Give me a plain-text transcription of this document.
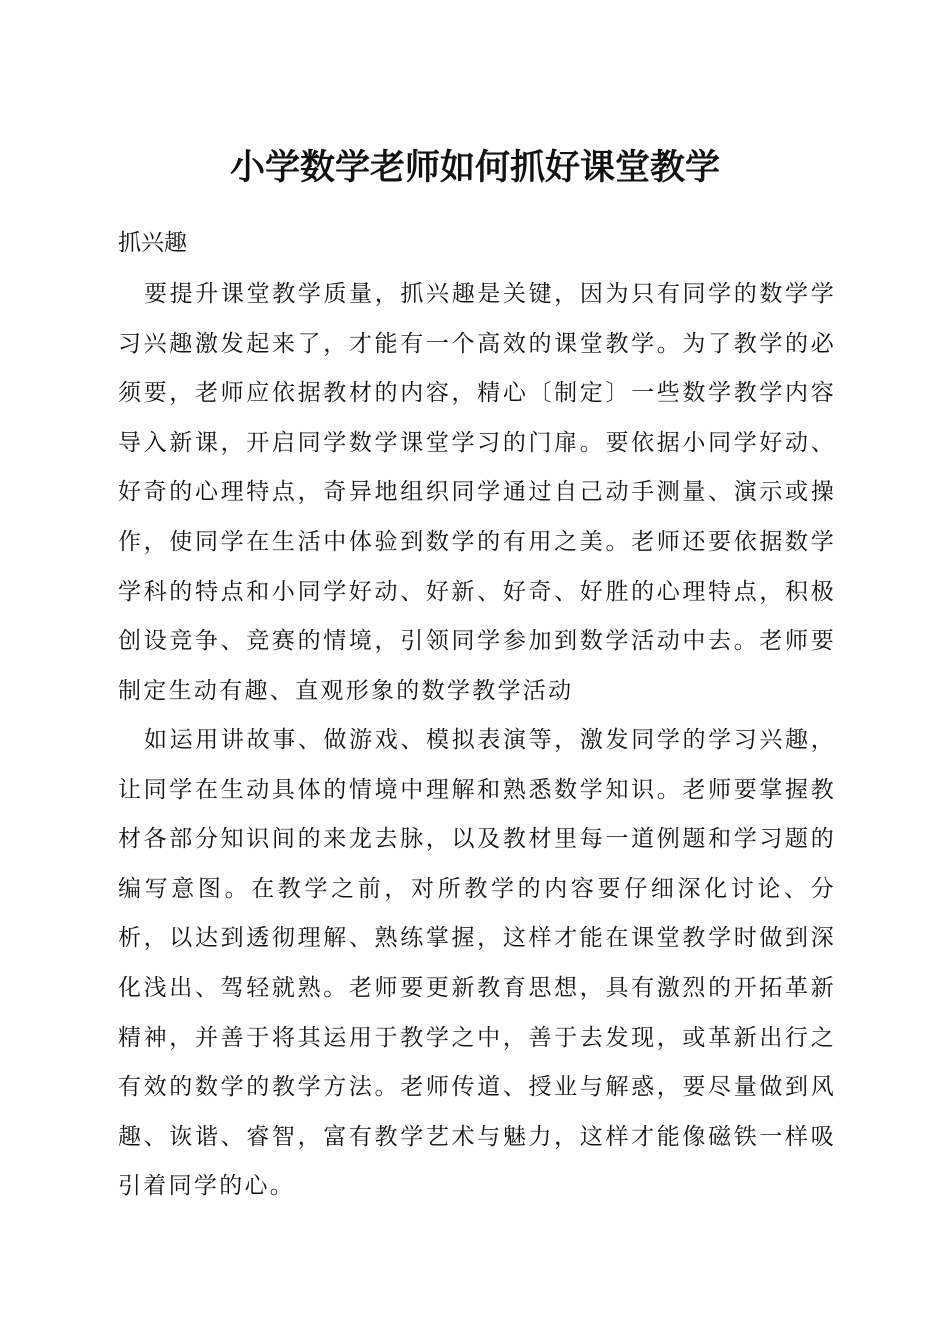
小学数学老师如何抓好课堂教学

抓兴趣

要提升课堂教学质量，抓兴趣是关键，因为只有同学的数学学习兴趣激发起来了，才能有一个高效的课堂教学。为了教学的必须要，老师应依据教材的内容，精心〔制定〕一些数学教学内容导入新课，开启同学数学课堂学习的门扉。要依据小同学好动、好奇的心理特点，奇异地组织同学通过自己动手测量、演示或操作，使同学在生活中体验到数学的有用之美。老师还要依据数学学科的特点和小同学好动、好新、好奇、好胜的心理特点，积极创设竞争、竞赛的情境，引领同学参加到数学活动中去。老师要制定生动有趣、直观形象的数学教学活动

如运用讲故事、做游戏、模拟表演等，激发同学的学习兴趣，让同学在生动具体的情境中理解和熟悉数学知识。老师要掌握教材各部分知识间的来龙去脉，以及教材里每一道例题和学习题的编写意图。在教学之前，对所教学的内容要仔细深化讨论、分析，以达到透彻理解、熟练掌握，这样才能在课堂教学时做到深化浅出、驾轻就熟。老师要更新教育思想，具有激烈的开拓革新精神，并善于将其运用于教学之中，善于去发现，或革新出行之有效的数学的教学方法。老师传道、授业与解惑，要尽量做到风趣、诙谐、睿智，富有教学艺术与魅力，这样才能像磁铁一样吸引着同学的心。
